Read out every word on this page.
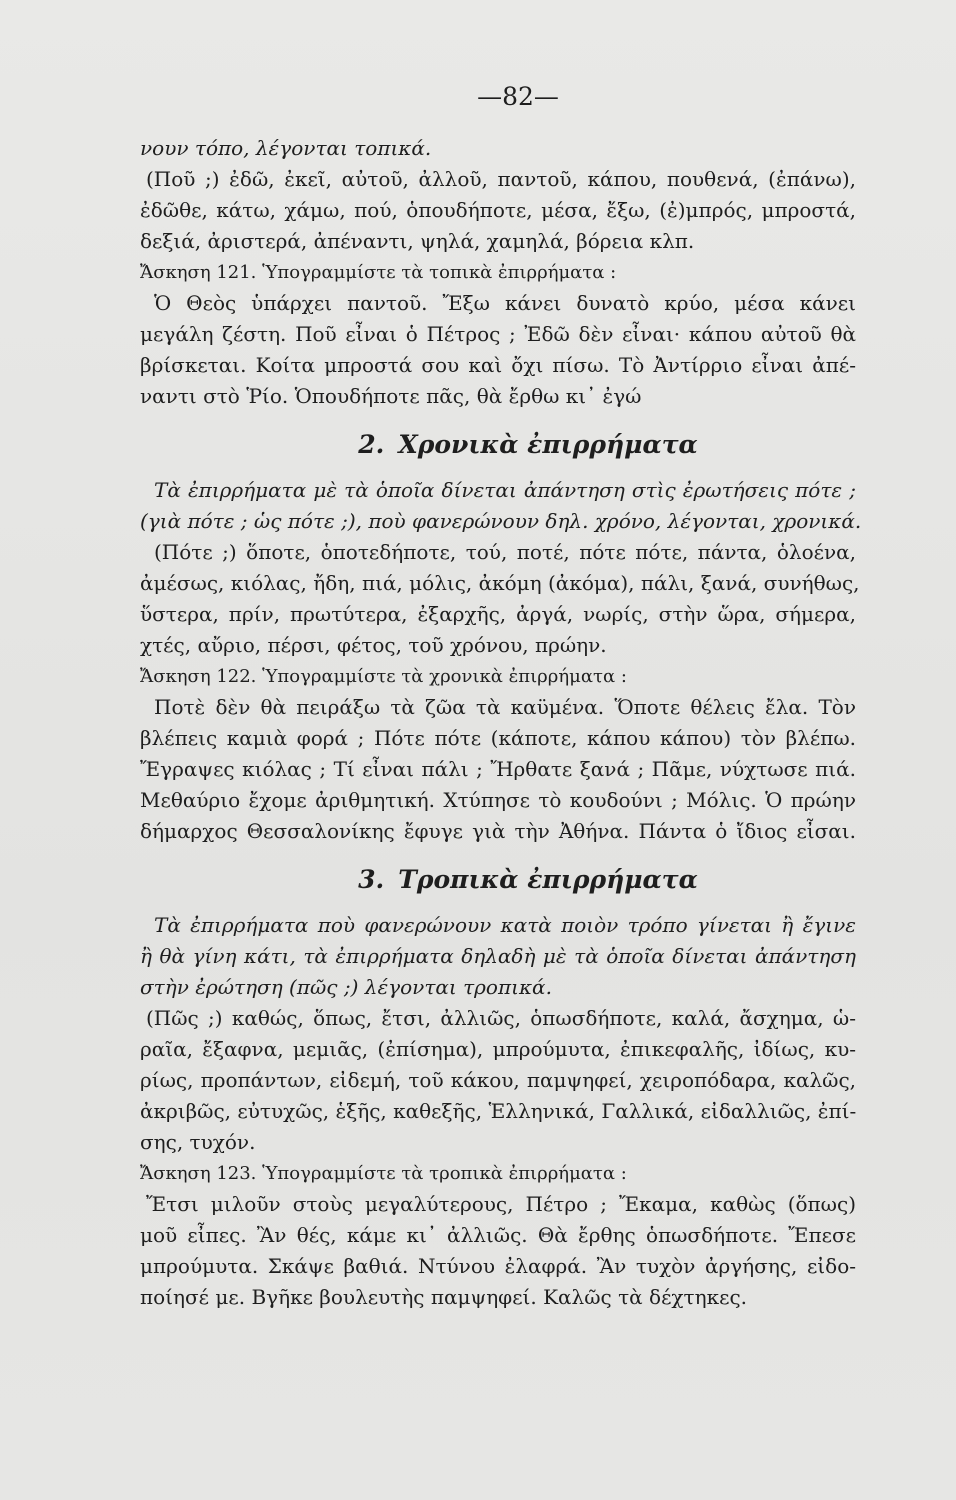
—82—
νουν τόπο, λέγονται τοπικά.
(Ποῦ ;) ἐδῶ, ἐκεῖ, αὐτοῦ, ἀλλοῦ, παντοῦ, κάπου, πουθενά, (ἐπάνω),
ἐδῶθε, κάτω, χάμω, πού, ὁπουδήποτε, μέσα, ἔξω, (ἐ)μπρός, μπροστά,
δεξιά, ἀριστερά, ἀπέναντι, ψηλά, χαμηλά, βόρεια κλπ.
Ἄσκηση 121. Ὑπογραμμίστε τὰ τοπικὰ ἐπιρρήματα :
Ὁ Θεὸς ὑπάρχει παντοῦ. Ἔξω κάνει δυνατὸ κρύο, μέσα κάνει
μεγάλη ζέστη. Ποῦ εἶναι ὁ Πέτρος ; Ἐδῶ δὲν εἶναι· κάπου αὐτοῦ θὰ
βρίσκεται. Κοίτα μπροστά σου καὶ ὄχι πίσω. Τὸ Ἀντίρριο εἶναι ἀπέ-
ναντι στὸ Ῥίο. Ὁπουδήποτε πᾶς, θὰ ἔρθω κι᾽ ἐγώ
2. Χρονικὰ ἐπιρρήματα
Τὰ ἐπιρρήματα μὲ τὰ ὁποῖα δίνεται ἀπάντηση στὶς ἐρωτήσεις πότε ;
(γιὰ πότε ; ὡς πότε ;), ποὺ φανερώνουν δηλ. χρόνο, λέγονται, χρονικά.
(Πότε ;) ὅποτε, ὁποτεδήποτε, τού, ποτέ, πότε πότε, πάντα, ὁλοένα,
ἀμέσως, κιόλας, ἤδη, πιά, μόλις, ἀκόμη (ἀκόμα), πάλι, ξανά, συνήθως,
ὕστερα, πρίν, πρωτύτερα, ἐξαρχῆς, ἀργά, νωρίς, στὴν ὥρα, σήμερα,
χτές, αὔριο, πέρσι, φέτος, τοῦ χρόνου, πρώην.
Ἄσκηση 122. Ὑπογραμμίστε τὰ χρονικὰ ἐπιρρήματα :
Ποτὲ δὲν θὰ πειράξω τὰ ζῶα τὰ καϋμένα. Ὅποτε θέλεις ἔλα. Τὸν
βλέπεις καμιὰ φορά ; Πότε πότε (κάποτε, κάπου κάπου) τὸν βλέπω.
Ἔγραψες κιόλας ; Τί εἶναι πάλι ; Ἤρθατε ξανά ; Πᾶμε, νύχτωσε πιά.
Μεθαύριο ἔχομε ἀριθμητική. Χτύπησε τὸ κουδούνι ; Μόλις. Ὁ πρώην
δήμαρχος Θεσσαλονίκης ἔφυγε γιὰ τὴν Ἀθήνα. Πάντα ὁ ἴδιος εἶσαι.
3. Τροπικὰ ἐπιρρήματα
Τὰ ἐπιρρήματα ποὺ φανερώνουν κατὰ ποιὸν τρόπο γίνεται ἢ ἔγινε
ἢ θὰ γίνη κάτι, τὰ ἐπιρρήματα δηλαδὴ μὲ τὰ ὁποῖα δίνεται ἀπάντηση
στὴν ἐρώτηση (πῶς ;) λέγονται τροπικά.
(Πῶς ;) καθώς, ὅπως, ἔτσι, ἀλλιῶς, ὁπωσδήποτε, καλά, ἄσχημα, ὡ-
ραῖα, ἔξαφνα, μεμιᾶς, (ἐπίσημα), μπρούμυτα, ἐπικεφαλῆς, ἰδίως, κυ-
ρίως, προπάντων, εἰδεμή, τοῦ κάκου, παμψηφεί, χειροπόδαρα, καλῶς,
ἀκριβῶς, εὐτυχῶς, ἑξῆς, καθεξῆς, Ἑλληνικά, Γαλλικά, εἰδαλλιῶς, ἐπί-
σης, τυχόν.
Ἄσκηση 123. Ὑπογραμμίστε τὰ τροπικὰ ἐπιρρήματα :
Ἔτσι μιλοῦν στοὺς μεγαλύτερους, Πέτρο ; Ἔκαμα, καθὼς (ὅπως)
μοῦ εἶπες. Ἂν θές, κάμε κι᾽ ἀλλιῶς. Θὰ ἔρθης ὁπωσδήποτε. Ἔπεσε
μπρούμυτα. Σκάψε βαθιά. Ντύνου ἐλαφρά. Ἂν τυχὸν ἀργήσης, εἰδο-
ποίησέ με. Βγῆκε βουλευτὴς παμψηφεί. Καλῶς τὰ δέχτηκες.
